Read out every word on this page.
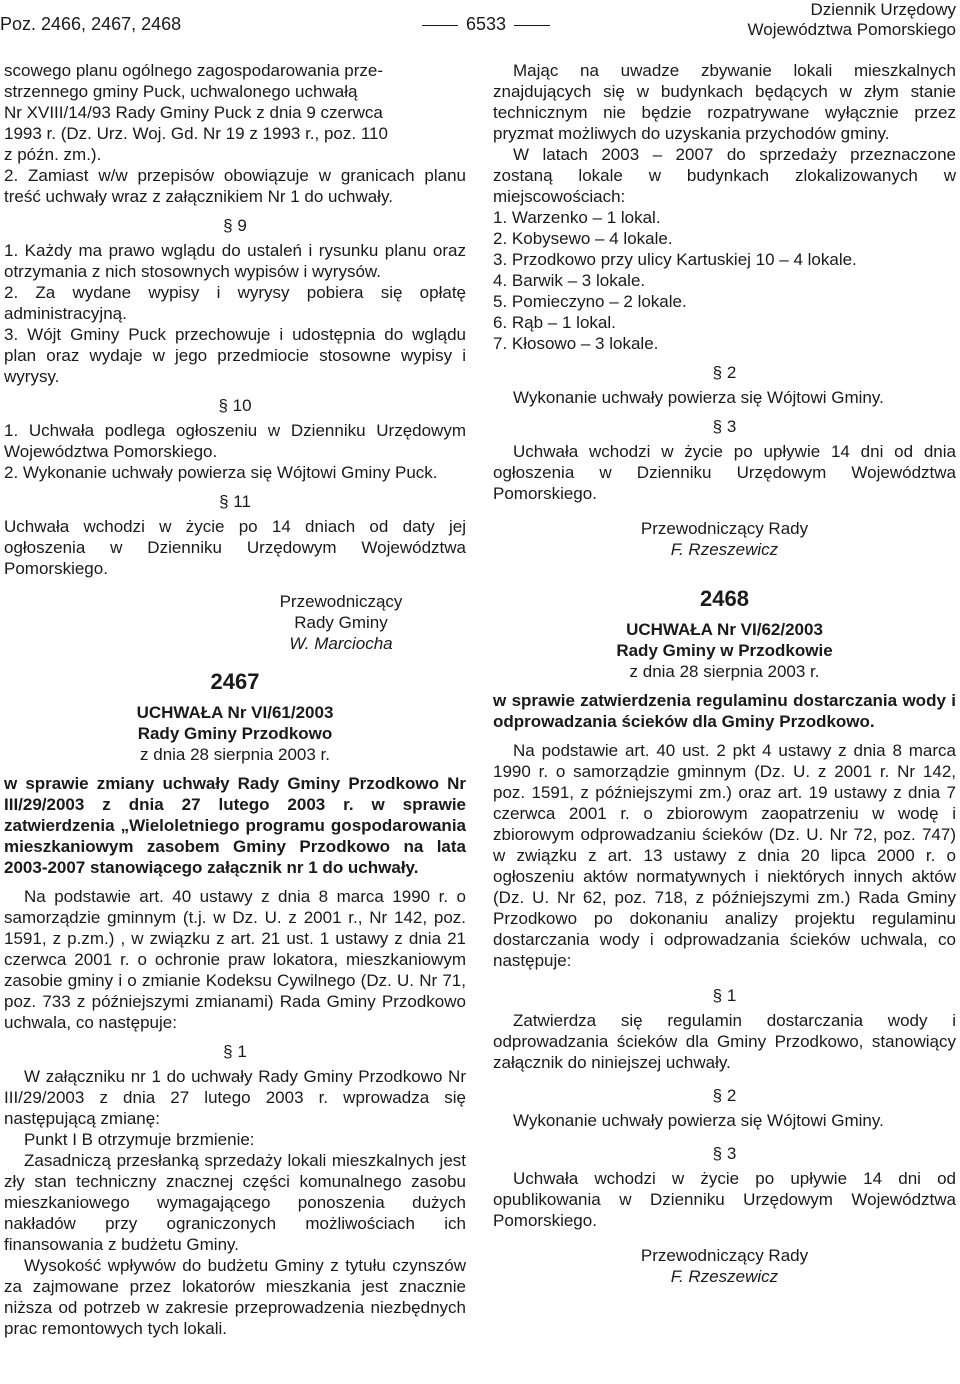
Poz. 2466, 2467, 2468	6533
Dziennik Urzędowy
Województwa Pomorskiego

scowego planu ogólnego zagospodarowania prze-

strzennego gminy Puck, uchwalonego uchwałą

Nr XVIII/14/93 Rady Gminy Puck z dnia 9 czerwca

1993 r. (Dz. Urz. Woj. Gd. Nr 19 z 1993 r., poz. 110

z późn. zm.).

2. Zamiast w/w przepisów obowiązuje w granicach planu treść uchwały wraz z załącznikiem Nr 1 do uchwały.

§ 9

1. Każdy ma prawo wglądu do ustaleń i rysunku planu oraz otrzymania z nich stosownych wypisów i wyrysów.

2. Za wydane wypisy i wyrysy pobiera się opłatę administracyjną.

3. Wójt Gminy Puck przechowuje i udostępnia do wglądu plan oraz wydaje w jego przedmiocie stosowne wypisy i wyrysy.

§ 10

1. Uchwała podlega ogłoszeniu w Dzienniku Urzędowym Województwa Pomorskiego.

2. Wykonanie uchwały powierza się Wójtowi Gminy Puck.

§ 11

Uchwała wchodzi w życie po 14 dniach od daty jej ogłoszenia w Dzienniku Urzędowym Województwa Pomorskiego.

Przewodniczący
Rady Gminy
W. Marciocha
2467
UCHWAŁA Nr VI/61/2003
Rady Gminy Przodkowo
z dnia 28 sierpnia 2003 r.

w sprawie zmiany uchwały Rady Gminy Przodkowo Nr III/29/2003 z dnia 27 lutego 2003 r. w sprawie zatwierdzenia „Wieloletniego programu gospodarowania mieszkaniowym zasobem Gminy Przodkowo na lata 2003-2007 stanowiącego załącznik nr 1 do uchwały.

Na podstawie art. 40 ustawy z dnia 8 marca 1990 r. o samorządzie gminnym (t.j. w Dz. U. z 2001 r., Nr 142, poz. 1591, z p.zm.) , w związku z art. 21 ust. 1 ustawy z dnia 21 czerwca 2001 r. o ochronie praw lokatora, mieszkaniowym zasobie gminy i o zmianie Kodeksu Cywilnego (Dz. U. Nr 71, poz. 733 z późniejszymi zmianami) Rada Gminy Przodkowo uchwala, co następuje:

§ 1

W załączniku nr 1 do uchwały Rady Gminy Przodkowo Nr III/29/2003 z dnia 27 lutego 2003 r. wprowadza się następującą zmianę:

Punkt I B otrzymuje brzmienie:

Zasadniczą przesłanką sprzedaży lokali mieszkalnych jest zły stan techniczny znacznej części komunalnego zasobu mieszkaniowego wymagającego ponoszenia dużych nakładów przy ograniczonych możliwościach ich finansowania z budżetu Gminy.

Wysokość wpływów do budżetu Gminy z tytułu czynszów za zajmowane przez lokatorów mieszkania jest znacznie niższa od potrzeb w zakresie przeprowadzenia niezbędnych prac remontowych tych lokali.

Mając na uwadze zbywanie lokali mieszkalnych znajdujących się w budynkach będących w złym stanie technicznym nie będzie rozpatrywane wyłącznie przez pryzmat możliwych do uzyskania przychodów gminy.

W latach 2003 – 2007 do sprzedaży przeznaczone zostaną lokale w budynkach zlokalizowanych w miejscowościach:

1. Warzenko – 1 lokal.

2. Kobysewo – 4 lokale.

3. Przodkowo przy ulicy Kartuskiej 10 – 4 lokale.

4. Barwik – 3 lokale.

5. Pomieczyno – 2 lokale.

6. Rąb – 1 lokal.

7. Kłosowo – 3 lokale.

§ 2

Wykonanie uchwały powierza się Wójtowi Gminy.

§ 3

Uchwała wchodzi w życie po upływie 14 dni od dnia ogłoszenia w Dzienniku Urzędowym Województwa Pomorskiego.

Przewodniczący Rady
F. Rzeszewicz
2468
UCHWAŁA Nr VI/62/2003
Rady Gminy w Przodkowie
z dnia 28 sierpnia 2003 r.

w sprawie zatwierdzenia regulaminu dostarczania wody i odprowadzania ścieków dla Gminy Przodkowo.

Na podstawie art. 40 ust. 2 pkt 4 ustawy z dnia 8 marca 1990 r. o samorządzie gminnym (Dz. U. z 2001 r. Nr 142, poz. 1591, z późniejszymi zm.) oraz art. 19 ustawy z dnia 7 czerwca 2001 r. o zbiorowym zaopatrzeniu w wodę i zbiorowym odprowadzaniu ścieków (Dz. U. Nr 72, poz. 747) w związku z art. 13 ustawy z dnia 20 lipca 2000 r. o ogłoszeniu aktów normatywnych i niektórych innych aktów (Dz. U. Nr 62, poz. 718, z późniejszymi zm.) Rada Gminy Przodkowo po dokonaniu analizy projektu regulaminu dostarczania wody i odprowadzania ścieków uchwala, co następuje:

§ 1

Zatwierdza się regulamin dostarczania wody i odprowadzania ścieków dla Gminy Przodkowo, stanowiący załącznik do niniejszej uchwały.

§ 2

Wykonanie uchwały powierza się Wójtowi Gminy.

§ 3

Uchwała wchodzi w życie po upływie 14 dni od opublikowania w Dzienniku Urzędowym Województwa Pomorskiego.

Przewodniczący Rady
F. Rzeszewicz
